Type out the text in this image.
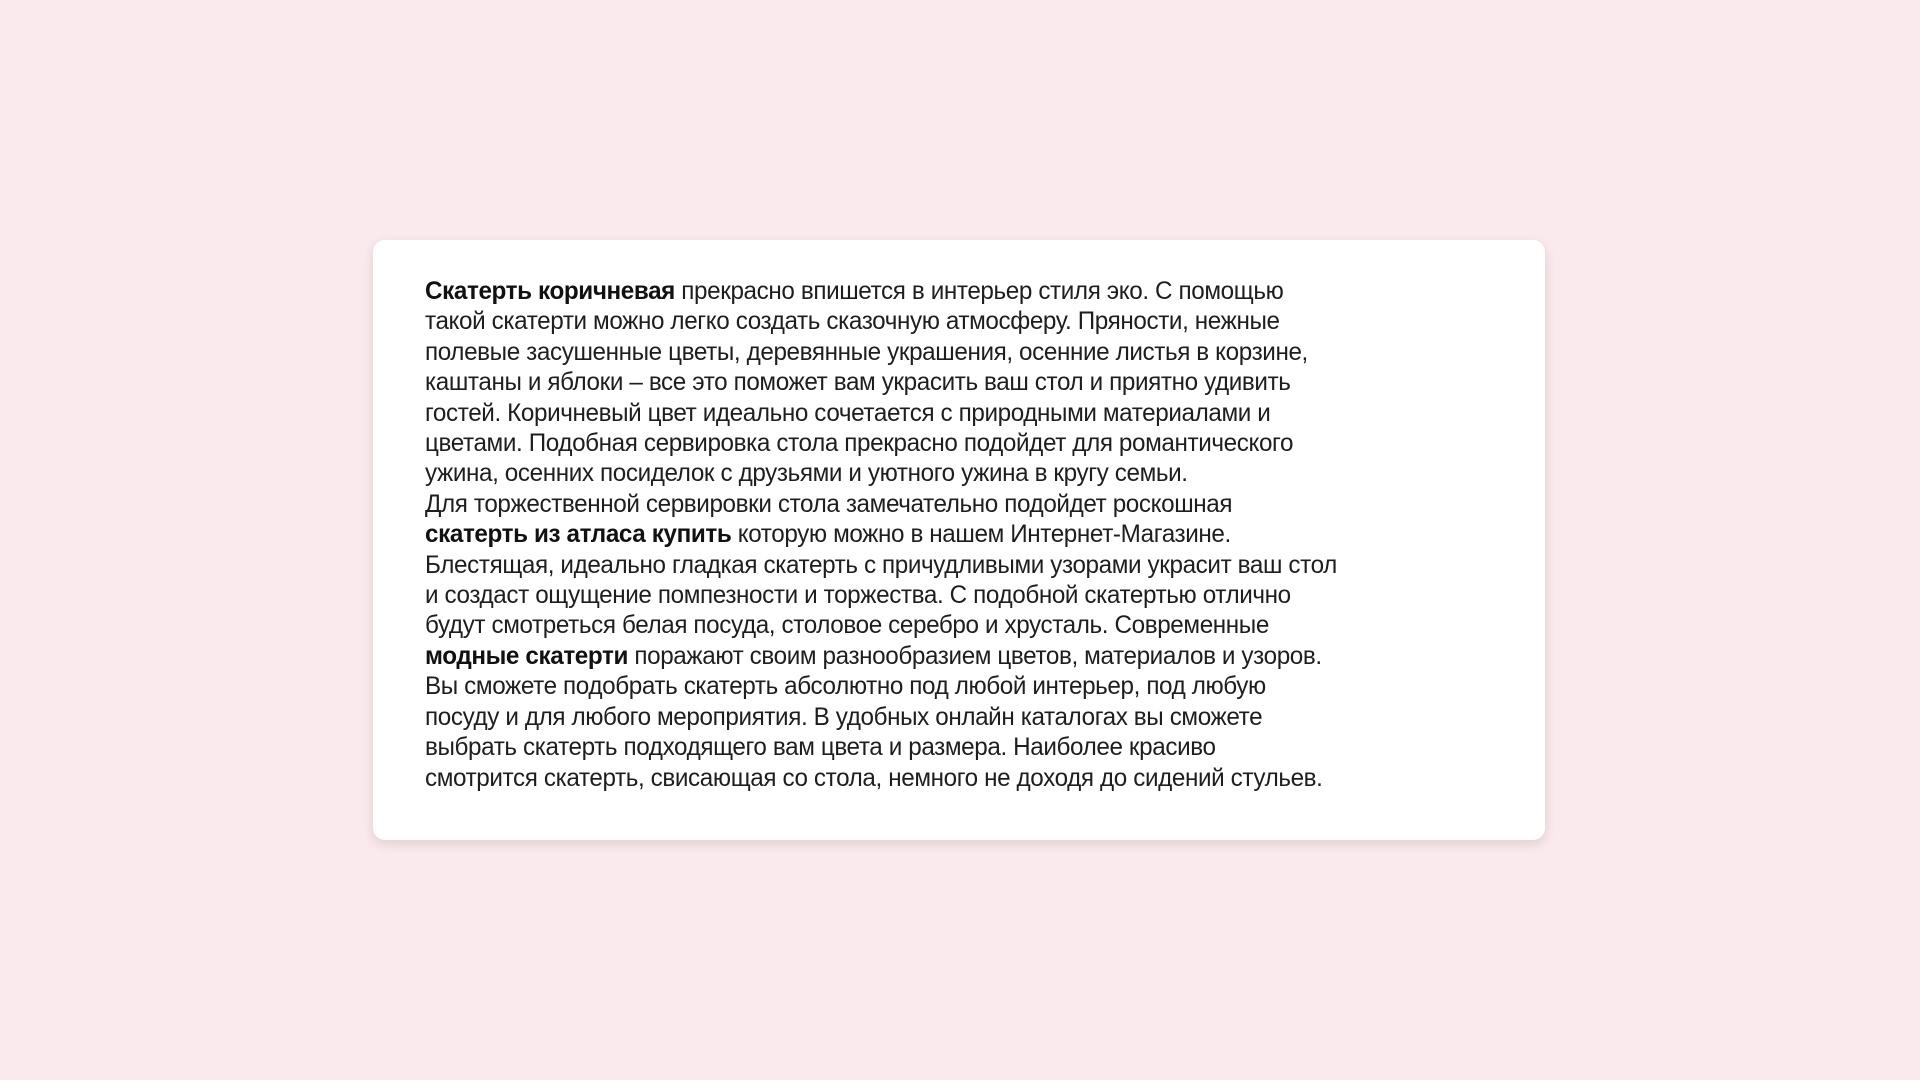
Скатерть коричневая прекрасно впишется в интерьер стиля эко. С помощью
такой скатерти можно легко создать сказочную атмосферу. Пряности, нежные
полевые засушенные цветы, деревянные украшения, осенние листья в корзине,
каштаны и яблоки – все это поможет вам украсить ваш стол и приятно удивить
гостей. Коричневый цвет идеально сочетается с природными материалами и
цветами. Подобная сервировка стола прекрасно подойдет для романтического
ужина, осенних посиделок с друзьями и уютного ужина в кругу семьи.
Для торжественной сервировки стола замечательно подойдет роскошная
скатерть из атласа купить которую можно в нашем Интернет-Магазине.
Блестящая, идеально гладкая скатерть с причудливыми узорами украсит ваш стол
и создаст ощущение помпезности и торжества. С подобной скатертью отлично
будут смотреться белая посуда, столовое серебро и хрусталь. Современные
модные скатерти поражают своим разнообразием цветов, материалов и узоров.
Вы сможете подобрать скатерть абсолютно под любой интерьер, под любую
посуду и для любого мероприятия. В удобных онлайн каталогах вы сможете
выбрать скатерть подходящего вам цвета и размера. Наиболее красиво
смотрится скатерть, свисающая со стола, немного не доходя до сидений стульев.
